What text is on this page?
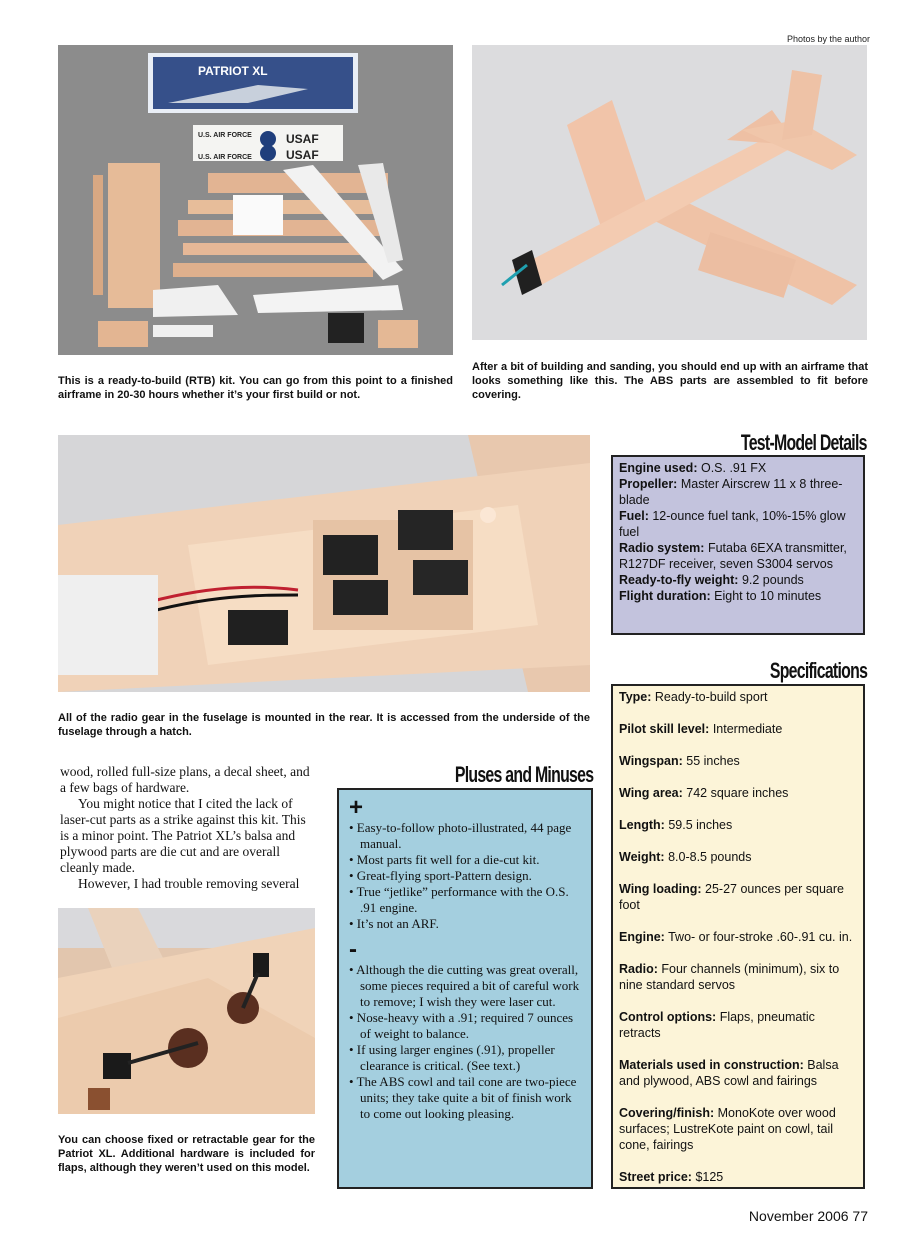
Photos by the author
PATRIOT XL
U.S. AIR FORCE	USAF
U.S. AIR FORCE	USAF
This is a ready-to-build (RTB) kit. You can go from this point to a finished airframe in 20-30 hours whether it’s your first build or not.
After a bit of building and sanding, you should end up with an airframe that looks something like this. The ABS parts are assembled to fit before covering.
All of the radio gear in the fuselage is mounted in the rear. It is accessed from the underside of the fuselage through a hatch.
Test-Model Details
Engine used: O.S. .91 FX
Propeller: Master Airscrew 11 x 8 three-blade
Fuel: 12-ounce fuel tank, 10%-15% glow fuel
Radio system: Futaba 6EXA transmitter, R127DF receiver, seven S3004 servos
Ready-to-fly weight: 9.2 pounds
Flight duration: Eight to 10 minutes
Specifications
Type: Ready-to-build sport
Pilot skill level: Intermediate
Wingspan: 55 inches
Wing area: 742 square inches
Length: 59.5 inches
Weight: 8.0-8.5 pounds
Wing loading: 25-27 ounces per square foot
Engine: Two- or four-stroke .60-.91 cu. in.
Radio: Four channels (minimum), six to nine standard servos
Control options: Flaps, pneumatic retracts
Materials used in construction: Balsa and plywood, ABS cowl and fairings
Covering/finish: MonoKote over wood surfaces; LustreKote paint on cowl, tail cone, fairings
Street price: $125
Pluses and Minuses
+
• Easy-to-follow photo-illustrated, 44 page manual.
• Most parts fit well for a die-cut kit.
• Great-flying sport-Pattern design.
• True “jetlike” performance with the O.S. .91 engine.
• It’s not an ARF.
-
• Although the die cutting was great overall, some pieces required a bit of careful work to remove; I wish they were laser cut.
• Nose-heavy with a .91; required 7 ounces of weight to balance.
• If using larger engines (.91), propeller clearance is critical. (See text.)
• The ABS cowl and tail cone are two-piece units; they take quite a bit of finish work to come out looking pleasing.

wood, rolled full-size plans, a decal sheet, and a few bags of hardware.

You might notice that I cited the lack of laser-cut parts as a strike against this kit. This is a minor point. The Patriot XL’s balsa and plywood parts are die cut and are overall cleanly made.

However, I had trouble removing several

You can choose fixed or retractable gear for the Patriot XL. Additional hardware is included for flaps, although they weren’t used on this model.
November 2006 77
